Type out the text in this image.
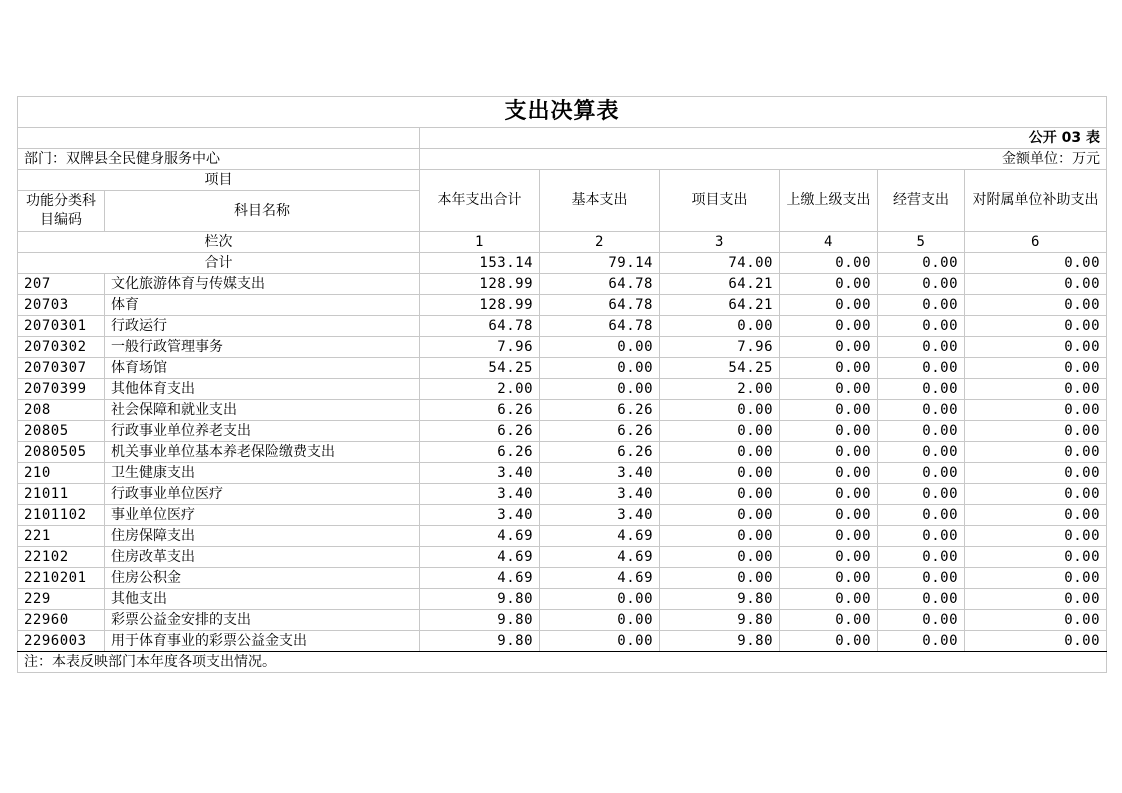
支出决算表							
		公开 03 表					
部门：双牌县全民健身服务中心		金额单位：万元					
项目		本年支出合计	基本支出	项目支出	上缴上级支出	经营支出	对附属单位补助支出
功能分类科目编码	科目名称						
栏次		1	2	3	4	5	6
合计		153.14	79.14	74.00	0.00	0.00	0.00
207	文化旅游体育与传媒支出	128.99	64.78	64.21	0.00	0.00	0.00
20703	体育	128.99	64.78	64.21	0.00	0.00	0.00
2070301	行政运行	64.78	64.78	0.00	0.00	0.00	0.00
2070302	一般行政管理事务	7.96	0.00	7.96	0.00	0.00	0.00
2070307	体育场馆	54.25	0.00	54.25	0.00	0.00	0.00
2070399	其他体育支出	2.00	0.00	2.00	0.00	0.00	0.00
208	社会保障和就业支出	6.26	6.26	0.00	0.00	0.00	0.00
20805	行政事业单位养老支出	6.26	6.26	0.00	0.00	0.00	0.00
2080505	机关事业单位基本养老保险缴费支出	6.26	6.26	0.00	0.00	0.00	0.00
210	卫生健康支出	3.40	3.40	0.00	0.00	0.00	0.00
21011	行政事业单位医疗	3.40	3.40	0.00	0.00	0.00	0.00
2101102	事业单位医疗	3.40	3.40	0.00	0.00	0.00	0.00
221	住房保障支出	4.69	4.69	0.00	0.00	0.00	0.00
22102	住房改革支出	4.69	4.69	0.00	0.00	0.00	0.00
2210201	住房公积金	4.69	4.69	0.00	0.00	0.00	0.00
229	其他支出	9.80	0.00	9.80	0.00	0.00	0.00
22960	彩票公益金安排的支出	9.80	0.00	9.80	0.00	0.00	0.00
2296003	用于体育事业的彩票公益金支出	9.80	0.00	9.80	0.00	0.00	0.00
注：本表反映部门本年度各项支出情况。							
